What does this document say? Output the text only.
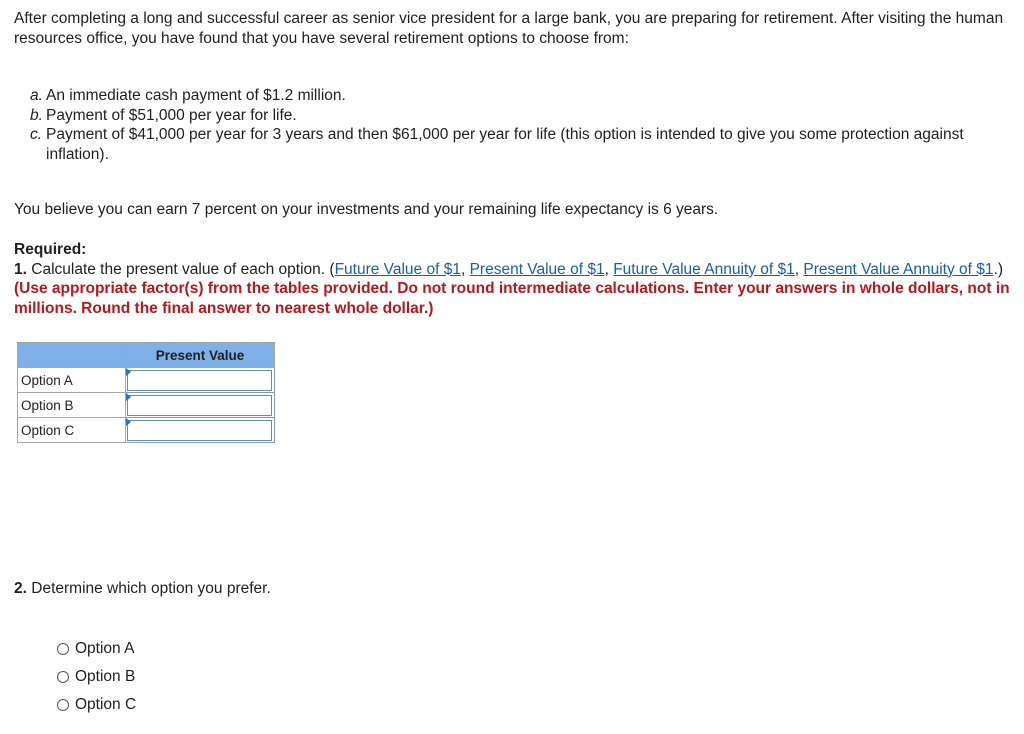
After completing a long and successful career as senior vice president for a large bank, you are preparing for retirement. After visiting the human resources office, you have found that you have several retirement options to choose from:

a. An immediate cash payment of $1.2 million.
b. Payment of $51,000 per year for life.
c. Payment of $41,000 per year for 3 years and then $61,000 per year for life (this option is intended to give you some protection against inflation).

You believe you can earn 7 percent on your investments and your remaining life expectancy is 6 years.

Required:
1. Calculate the present value of each option. (Future Value of $1, Present Value of $1, Future Value Annuity of $1, Present Value Annuity of $1.) (Use appropriate factor(s) from the tables provided. Do not round intermediate calculations. Enter your answers in whole dollars, not in millions. Round the final answer to nearest whole dollar.)
	Present Value
Option A	

Option B	

Option C	
2. Determine which option you prefer.
Option A
Option B
Option C
